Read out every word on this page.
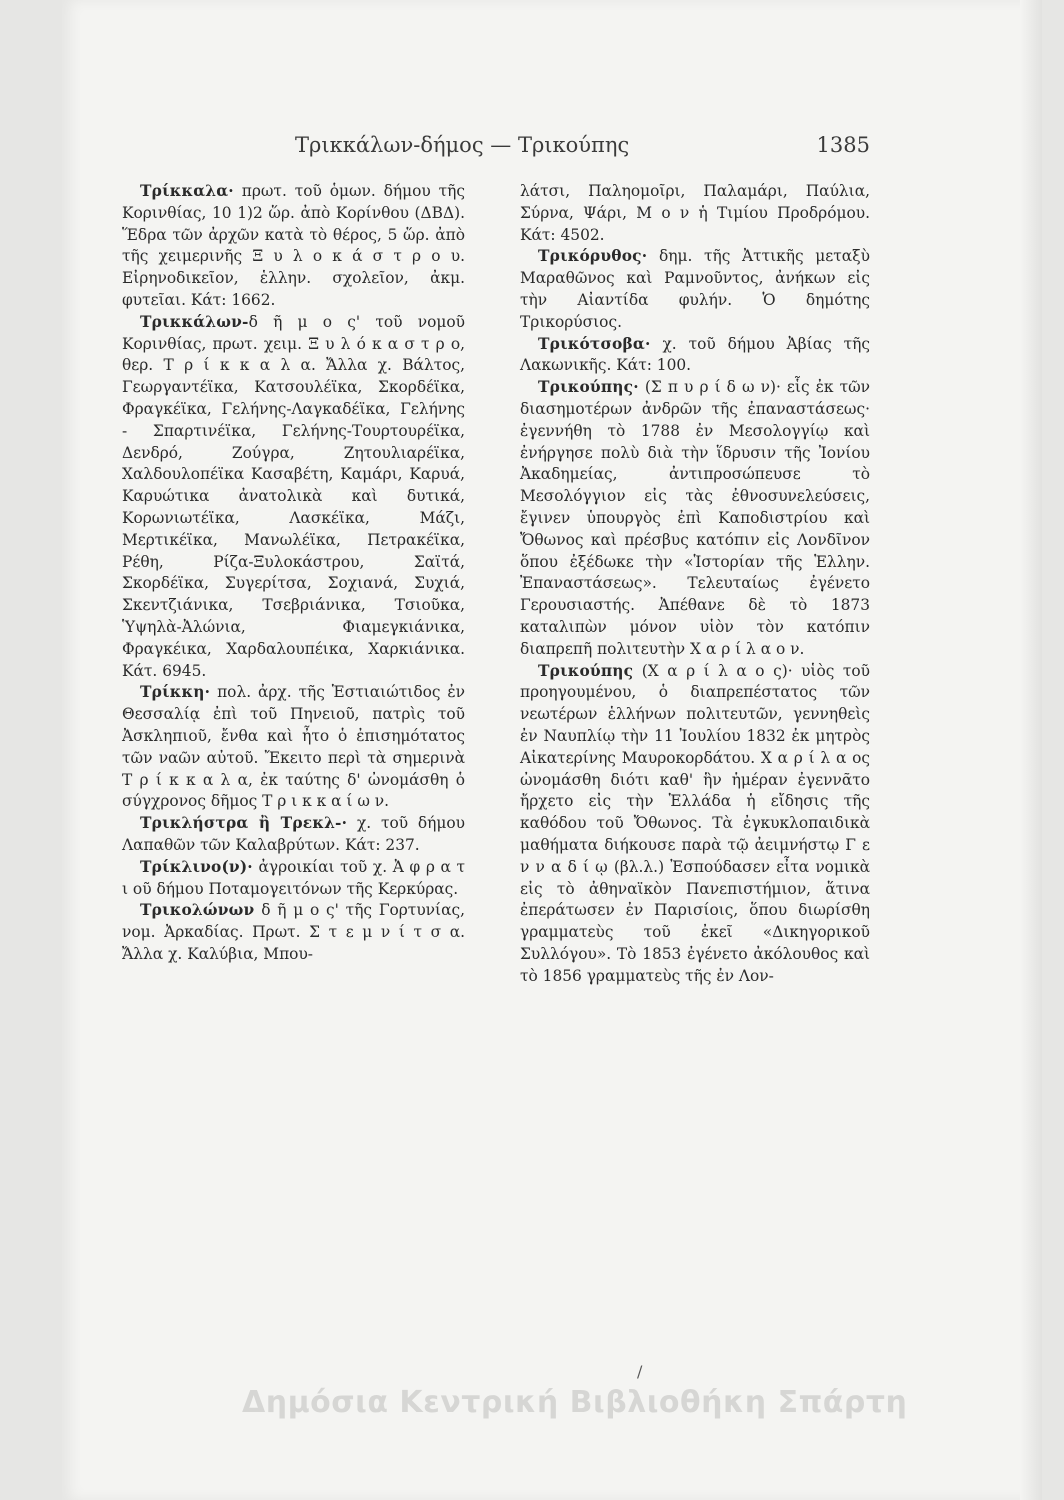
Τρικκάλων-δήμος — Τρικούπης	1385

Τρίκκαλα· πρωτ. τοῦ ὁμων. δήμου τῆς Κορινθίας, 10 1)2 ὥρ. ἀπὸ Κορίνθου (ΔΒΔ). Ἕδρα τῶν ἀρχῶν κατὰ τὸ θέρος, 5 ὥρ. ἀπὸ τῆς χειμερινῆς Ξ υ λ ο κ ά σ τ ρ ο υ. Εἰρηνοδικεῖον, ἑλλην. σχολεῖον, ἀκμ. φυτεῖαι. Κάτ: 1662.

Τρικκάλων-δ ῆ μ ο ς' τοῦ νομοῦ Κορινθίας, πρωτ. χειμ. Ξ υ λ ό κ α σ τ ρ ο, θερ. Τ ρ ί κ κ α λ α. Ἄλλα χ. Βάλτος, Γεωργαντέϊκα, Κατσουλέϊκα, Σκορδέϊκα, Φραγκέϊκα, Γελήνης-Λαγκαδέϊκα, Γελήνης - Σπαρτινέϊκα, Γελήνης-Τουρτουρέϊκα, Δενδρό, Ζούγρα, Ζητουλιαρέϊκα, Χαλδουλοπέϊκα Κασαβέτη, Καμάρι, Καρυά, Καρυώτικα ἀνατολικὰ καὶ δυτικά, Κορωνιωτέϊκα, Λασκέϊκα, Μάζι, Μερτικέϊκα, Μανωλέϊκα, Πετρακέϊκα, Ρέθη, Ρίζα-Ξυλοκάστρου, Σαϊτά, Σκορδέϊκα, Συγερίτσα, Σοχιανά, Συχιά, Σκεντζιάνικα, Τσεβριάνικα, Τσιοῦκα, Ὑψηλὰ-Ἀλώνια, Φιαμεγκιάνικα, Φραγκέικα, Χαρδαλουπέικα, Χαρκιάνικα. Κάτ. 6945.

Τρίκκη· πολ. ἀρχ. τῆς Ἑστιαιώτιδος ἐν Θεσσαλίᾳ ἐπὶ τοῦ Πηνειοῦ, πατρὶς τοῦ Ἀσκληπιοῦ, ἔνθα καὶ ἦτο ὁ ἐπισημότατος τῶν ναῶν αὐτοῦ. Ἔκειτο περὶ τὰ σημερινὰ Τ ρ ί κ κ α λ α, ἐκ ταύτης δ' ὠνομάσθη ὁ σύγχρονος δῆμος Τ ρ ι κ κ α ί ω ν.

Τρικλήστρα ἢ Τρεκλ-· χ. τοῦ δήμου Λαπαθῶν τῶν Καλαβρύτων. Κάτ: 237.

Τρίκλινο(ν)· ἀγροικίαι τοῦ χ. Ἀ φ ρ α τ ι οῦ δήμου Ποταμογειτόνων τῆς Κερκύρας.

Τρικολώνων δ ῆ μ ο ς' τῆς Γορτυνίας, νομ. Ἀρκαδίας. Πρωτ. Σ τ ε μ ν ί τ σ α. Ἄλλα χ. Καλύβια, Μπου-

λάτσι, Παληομοῖρι, Παλαμάρι, Παύλια, Σύρνα, Ψάρι, Μ ο ν ἡ Τιμίου Προδρόμου. Κάτ: 4502.

Τρικόρυθος· δημ. τῆς Ἀττικῆς μεταξὺ Μαραθῶνος καὶ Ραμνοῦντος, ἀνήκων εἰς τὴν Αἰαντίδα φυλήν. Ὁ δημότης Τρικορύσιος.

Τρικότσοβα· χ. τοῦ δήμου Ἀβίας τῆς Λακωνικῆς. Κάτ: 100.

Τρικούπης· (Σ π υ ρ ί δ ω ν)· εἷς ἐκ τῶν διασημοτέρων ἀνδρῶν τῆς ἐπαναστάσεως· ἐγεννήθη τὸ 1788 ἐν Μεσολογγίῳ καὶ ἐνήργησε πολὺ διὰ τὴν ἵδρυσιν τῆς Ἰονίου Ἀκαδημείας, ἀντιπροσώπευσε τὸ Μεσολόγγιον εἰς τὰς ἐθνοσυνελεύσεις, ἔγινεν ὑπουργὸς ἐπὶ Καποδιστρίου καὶ Ὄθωνος καὶ πρέσβυς κατόπιν εἰς Λονδῖνον ὅπου ἐξέδωκε τὴν «Ἱστορίαν τῆς Ἑλλην. Ἐπαναστάσεως». Τελευταίως ἐγένετο Γερουσιαστής. Ἀπέθανε δὲ τὸ 1873 καταλιπὼν μόνον υἱὸν τὸν κατόπιν διαπρεπῆ πολιτευτὴν Χ α ρ ί λ α ο ν.

Τρικούπης (Χ α ρ ί λ α ο ς)· υἱὸς τοῦ προηγουμένου, ὁ διαπρεπέστατος τῶν νεωτέρων ἑλλήνων πολιτευτῶν, γεννηθεὶς ἐν Ναυπλίῳ τὴν 11 Ἰουλίου 1832 ἐκ μητρὸς Αἰκατερίνης Μαυροκορδάτου. Χ α ρ ί λ α ος ὠνομάσθη διότι καθ' ἣν ἡμέραν ἐγεννᾶτο ἤρχετο εἰς τὴν Ἑλλάδα ἡ εἴδησις τῆς καθόδου τοῦ Ὄθωνος. Τὰ ἐγκυκλοπαιδικὰ μαθήματα διήκουσε παρὰ τῷ ἀειμνήστῳ Γ ε ν ν α δ ί ῳ (βλ.λ.) Ἐσπούδασεν εἶτα νομικὰ εἰς τὸ ἀθηναϊκὸν Πανεπιστήμιον, ἅτινα ἐπεράτωσεν ἐν Παρισίοις, ὅπου διωρίσθη γραμματεὺς τοῦ ἐκεῖ «Δικηγορικοῦ Συλλόγου». Τὸ 1853 ἐγένετο ἀκόλουθος καὶ τὸ 1856 γραμματεὺς τῆς ἐν Λον-

/
Δημόσια Κεντρική Βιβλιοθήκη Σπάρτη
